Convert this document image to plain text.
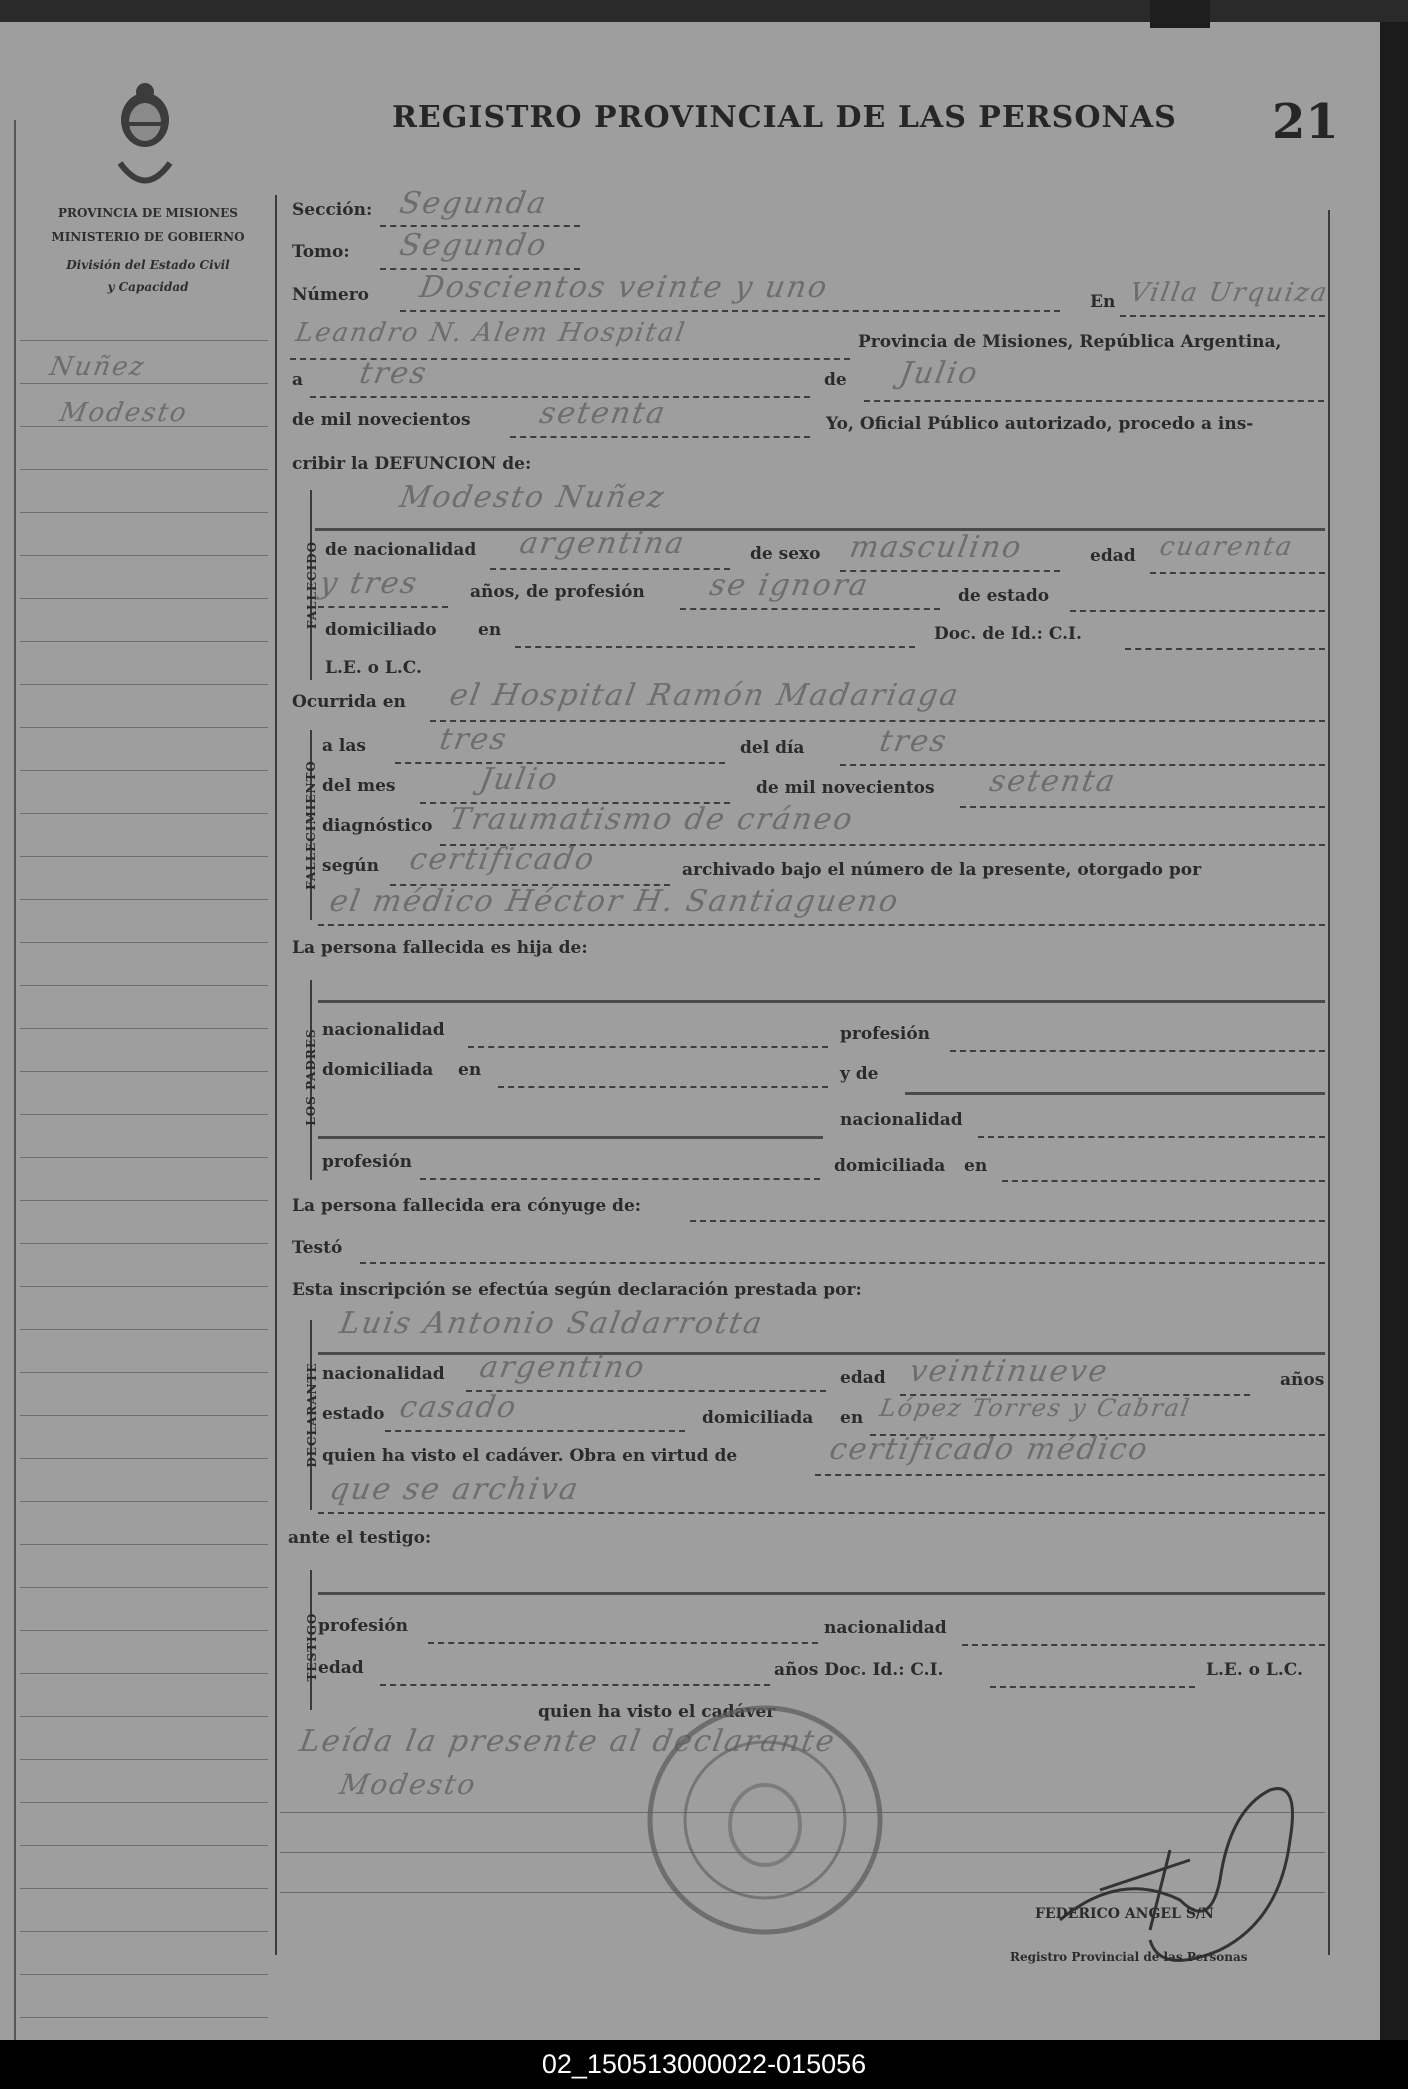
PROVINCIA DE MISIONES
MINISTERIO DE GOBIERNO
División del Estado Civil
y Capacidad
REGISTRO PROVINCIAL DE LAS PERSONAS 21
Nuñez
Modesto
Sección: Segunda
Tomo: Segundo
Número Doscientos veinte y uno	En Villa Urquiza
Leandro N. Alem Hospital	Provincia de Misiones, República Argentina,
a tres	de Julio
de mil novecientos setenta	Yo, Oficial Público autorizado, procedo a ins-
cribir la DEFUNCION de:
FALLECIDO
Modesto Nuñez
de nacionalidad argentina	de sexo masculino	edad cuarenta
y tres	años, de profesión se ignora	de estado
domiciliado en	Doc. de Id.: C.I.
L.E. o L.C.
Ocurrida en el Hospital Ramón Madariaga
FALLECIMIENTO
a las tres	del día tres
del mes	Julio	de mil novecientos setenta
diagnóstico Traumatismo de cráneo
según certificado	archivado bajo el número de la presente, otorgado por
el médico Héctor H. Santiagueno
La persona fallecida es hija de:
LOS PADRES nacionalidad	profesión
domiciliada en	y de
nacionalidad
profesión	domiciliada en
La persona fallecida era cónyuge de:
Testó
Esta inscripción se efectúa según declaración prestada por:
DECLARANTE
Luis Antonio Saldarrotta
nacionalidad argentino	edad veintinueve	años
estado casado	domiciliada en López Torres y Cabral
quien ha visto el cadáver. Obra en virtud de	certificado médico
que se archiva
ante el testigo:
TESTIGO profesión	nacionalidad
edad	años Doc. Id.: C.I.	L.E. o L.C.
quien ha visto el cadáver
Leída la presente al declarante
Modesto
FEDERICO ANGEL S/N
Registro Provincial de las Personas
02_150513000022-015056
